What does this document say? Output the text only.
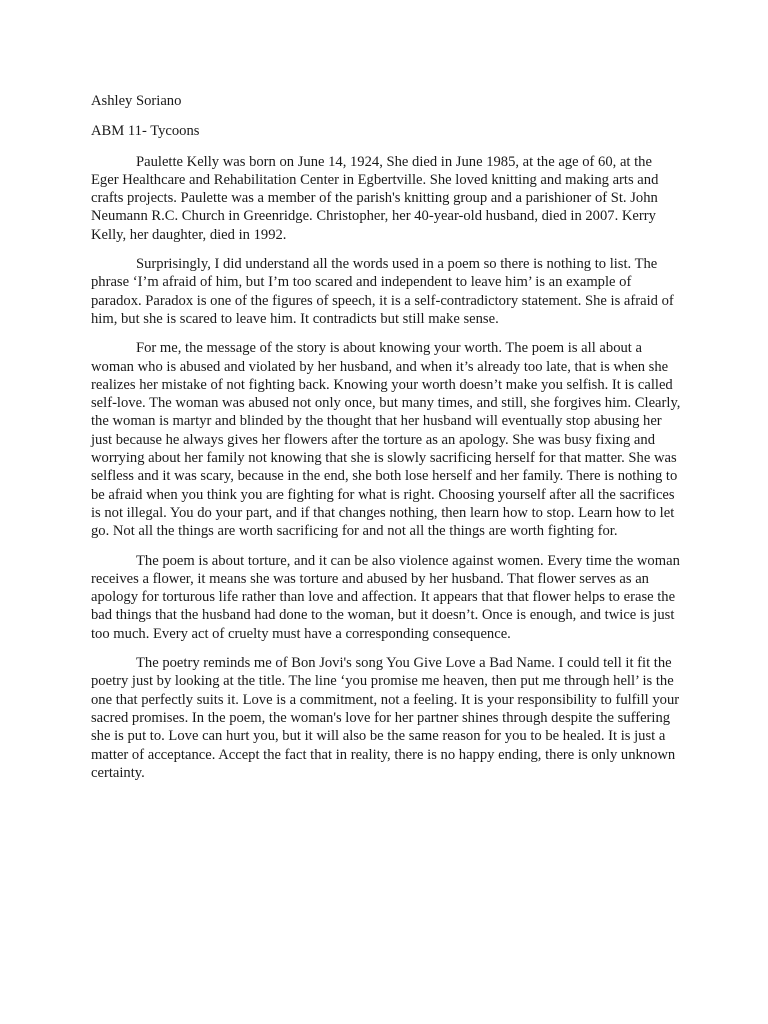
Ashley Soriano

ABM 11- Tycoons

Paulette Kelly was born on June 14, 1924, She died in June 1985, at the age of 60, at the Eger Healthcare and Rehabilitation Center in Egbertville. She loved knitting and making arts and crafts projects. Paulette was a member of the parish's knitting group and a parishioner of St. John Neumann R.C. Church in Greenridge. Christopher, her 40-year-old husband, died in 2007. Kerry Kelly, her daughter, died in 1992.

Surprisingly, I did understand all the words used in a poem so there is nothing to list. The phrase ‘I’m afraid of him, but I’m too scared and independent to leave him’ is an example of paradox. Paradox is one of the figures of speech, it is a self-contradictory statement. She is afraid of him, but she is scared to leave him. It contradicts but still make sense.

For me, the message of the story is about knowing your worth. The poem is all about a woman who is abused and violated by her husband, and when it’s already too late, that is when she realizes her mistake of not fighting back. Knowing your worth doesn’t make you selfish. It is called self-love. The woman was abused not only once, but many times, and still, she forgives him. Clearly, the woman is martyr and blinded by the thought that her husband will eventually stop abusing her just because he always gives her flowers after the torture as an apology. She was busy fixing and worrying about her family not knowing that she is slowly sacrificing herself for that matter. She was selfless and it was scary, because in the end, she both lose herself and her family. There is nothing to be afraid when you think you are fighting for what is right. Choosing yourself after all the sacrifices is not illegal. You do your part, and if that changes nothing, then learn how to stop. Learn how to let go. Not all the things are worth sacrificing for and not all the things are worth fighting for.

The poem is about torture, and it can be also violence against women. Every time the woman receives a flower, it means she was torture and abused by her husband. That flower serves as an apology for torturous life rather than love and affection. It appears that that flower helps to erase the bad things that the husband had done to the woman, but it doesn’t. Once is enough, and twice is just too much. Every act of cruelty must have a corresponding consequence.

The poetry reminds me of Bon Jovi's song You Give Love a Bad Name. I could tell it fit the poetry just by looking at the title. The line ‘you promise me heaven, then put me through hell’ is the one that perfectly suits it. Love is a commitment, not a feeling. It is your responsibility to fulfill your sacred promises. In the poem, the woman's love for her partner shines through despite the suffering she is put to. Love can hurt you, but it will also be the same reason for you to be healed. It is just a matter of acceptance. Accept the fact that in reality, there is no happy ending, there is only unknown certainty.
